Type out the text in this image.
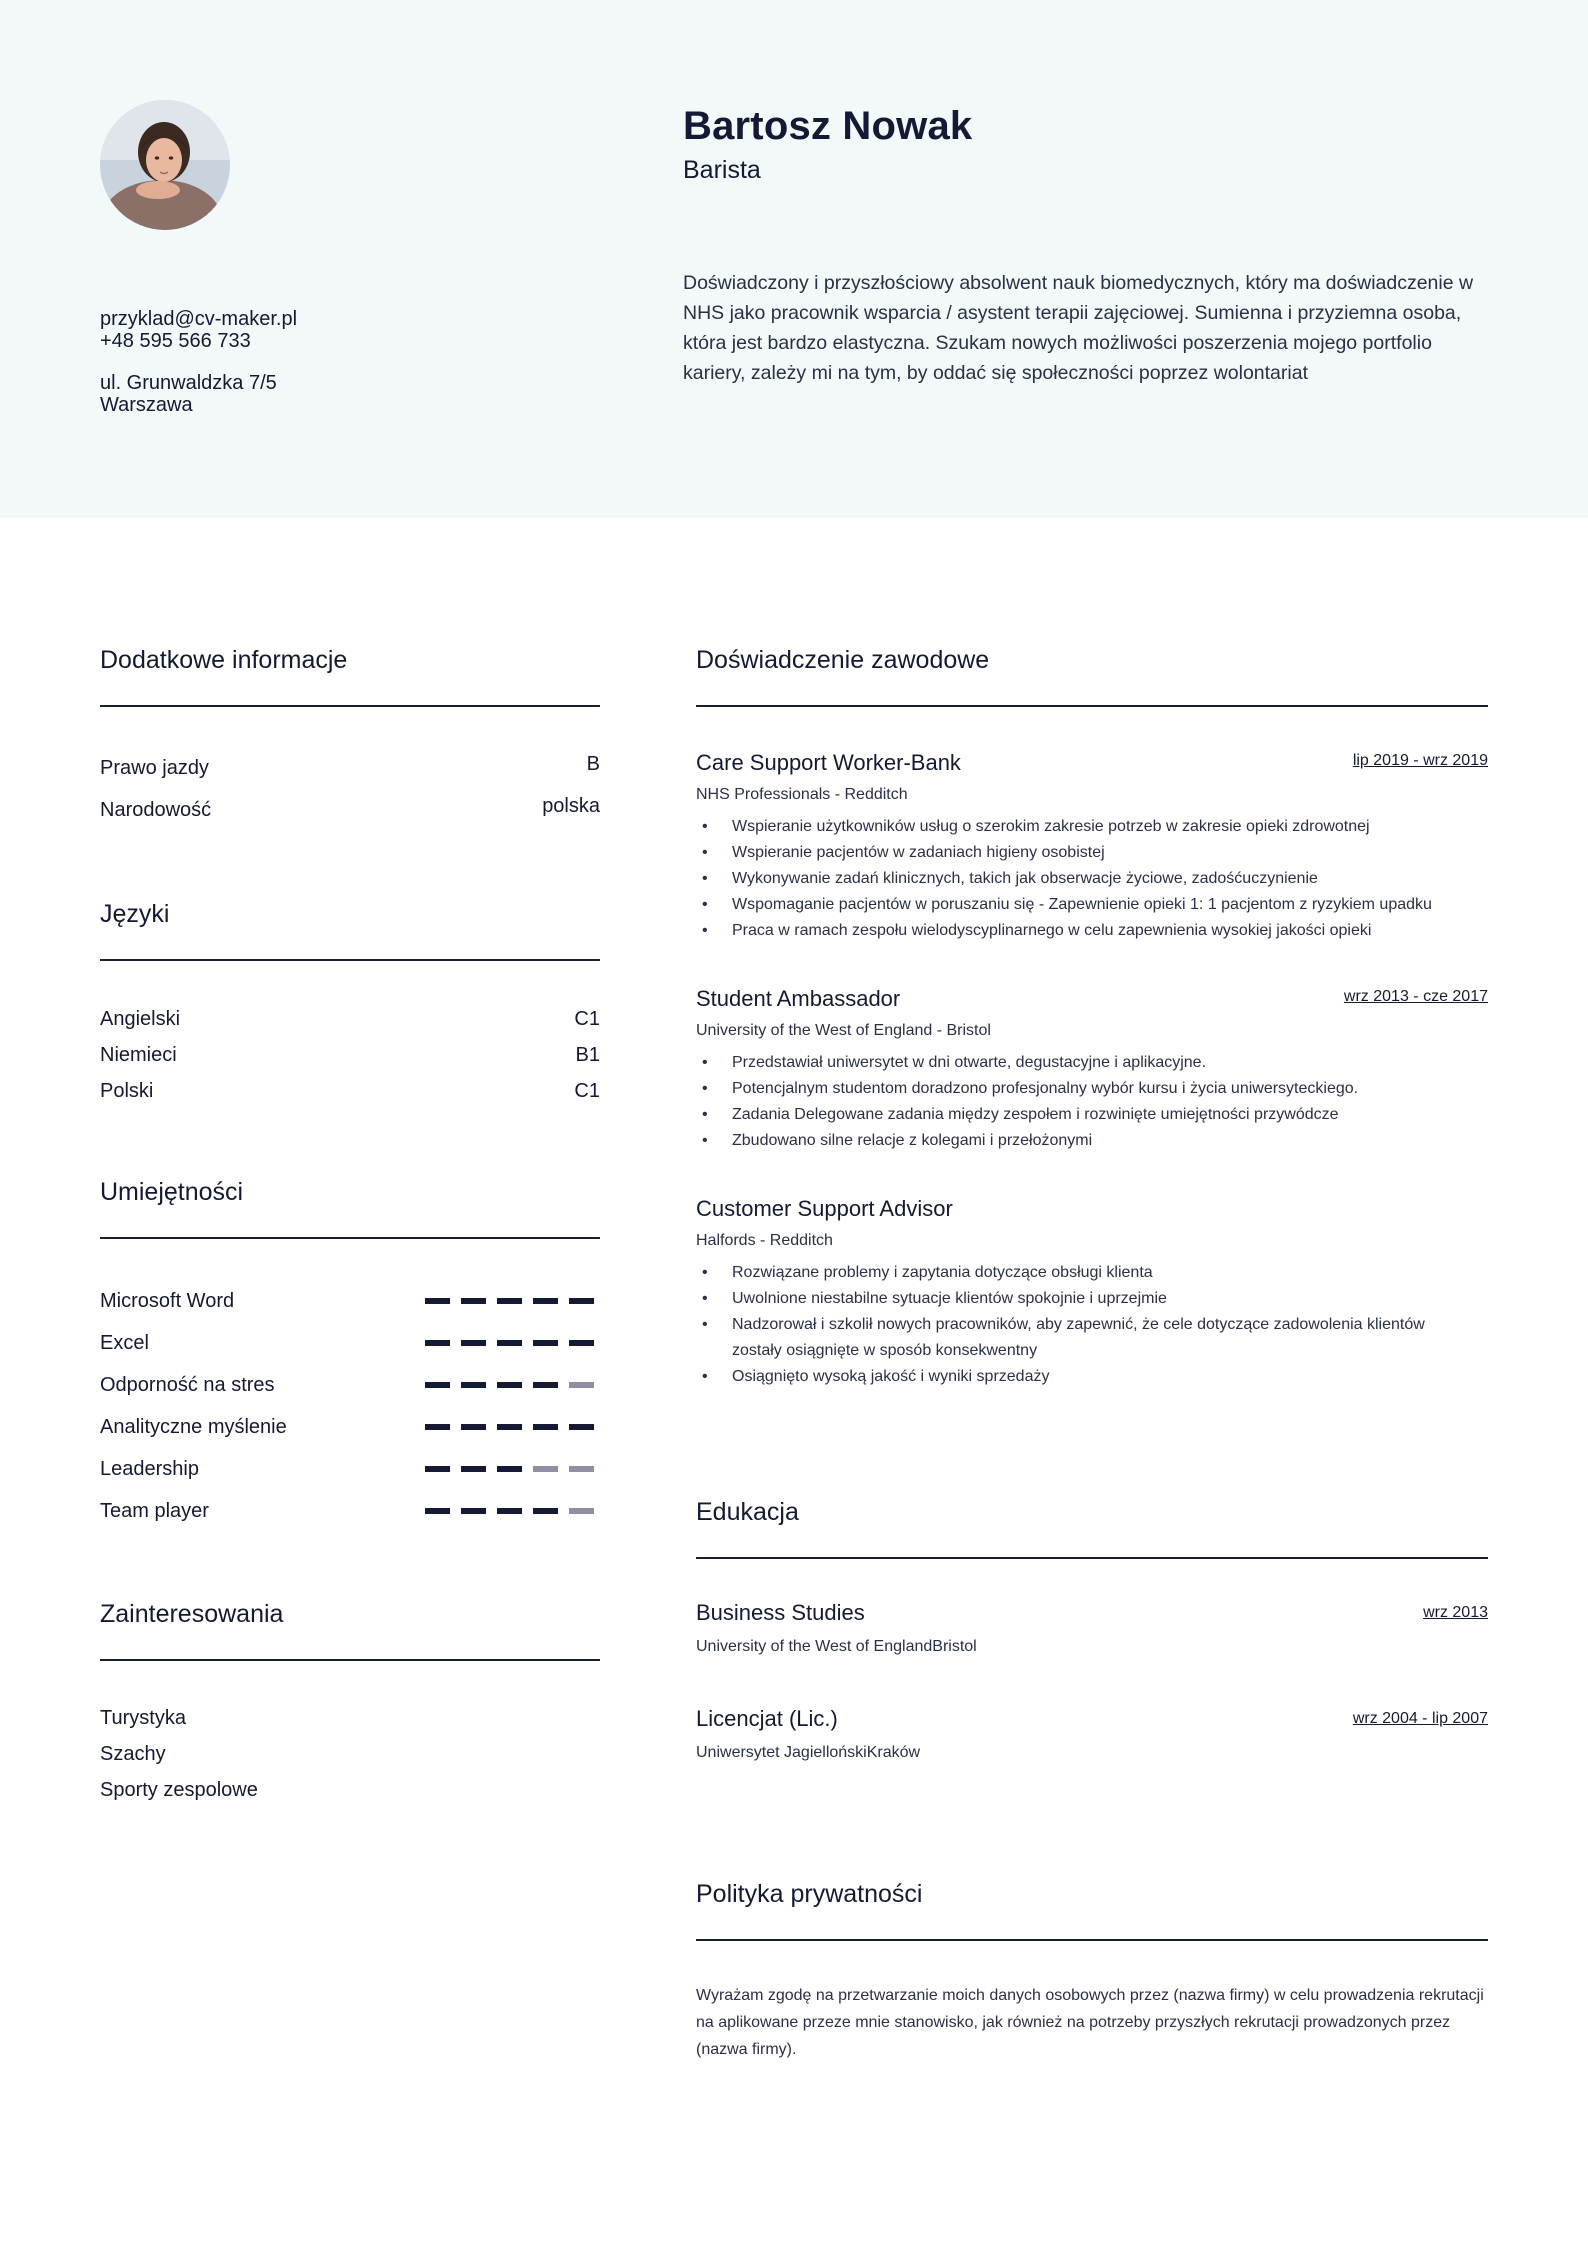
przyklad@cv-maker.pl
+48 595 566 733
ul. Grunwaldzka 7/5
Warszawa
Bartosz Nowak
Barista
Doświadczony i przyszłościowy absolwent nauk biomedycznych, który ma doświadczenie w NHS jako pracownik wsparcia / asystent terapii zajęciowej. Sumienna i przyziemna osoba, która jest bardzo elastyczna. Szukam nowych możliwości poszerzenia mojego portfolio kariery, zależy mi na tym, by oddać się społeczności poprzez wolontariat
Dodatkowe informacje
Prawo jazdy	B
Narodowość	polska
Języki
Angielski	C1
Niemieci	B1
Polski	C1
Umiejętności
Microsoft Word
Excel
Odporność na stres
Analityczne myślenie
Leadership
Team player
Zainteresowania
Turystyka
Szachy
Sporty zespolowe
Doświadczenie zawodowe
Care Support Worker-Bank	lip 2019 - wrz 2019
NHS Professionals - Redditch
• Wspieranie użytkowników usług o szerokim zakresie potrzeb w zakresie opieki zdrowotnej
• Wspieranie pacjentów w zadaniach higieny osobistej
• Wykonywanie zadań klinicznych, takich jak obserwacje życiowe, zadośćuczynienie
• Wspomaganie pacjentów w poruszaniu się - Zapewnienie opieki 1: 1 pacjentom z ryzykiem upadku
• Praca w ramach zespołu wielodyscyplinarnego w celu zapewnienia wysokiej jakości opieki
Student Ambassador	wrz 2013 - cze 2017
University of the West of England - Bristol
• Przedstawiał uniwersytet w dni otwarte, degustacyjne i aplikacyjne.
• Potencjalnym studentom doradzono profesjonalny wybór kursu i życia uniwersyteckiego.
• Zadania Delegowane zadania między zespołem i rozwinięte umiejętności przywódcze
• Zbudowano silne relacje z kolegami i przełożonymi
Customer Support Advisor
Halfords - Redditch
• Rozwiązane problemy i zapytania dotyczące obsługi klienta
• Uwolnione niestabilne sytuacje klientów spokojnie i uprzejmie
• Nadzorował i szkolił nowych pracowników, aby zapewnić, że cele dotyczące zadowolenia klientów zostały osiągnięte w sposób konsekwentny
• Osiągnięto wysoką jakość i wyniki sprzedaży
Edukacja
Business Studies	wrz 2013
University of the West of EnglandBristol
Licencjat (Lic.)	wrz 2004 - lip 2007
Uniwersytet JagiellońskiKraków
Polityka prywatności
Wyrażam zgodę na przetwarzanie moich danych osobowych przez (nazwa firmy) w celu prowadzenia rekrutacji na aplikowane przeze mnie stanowisko, jak również na potrzeby przyszłych rekrutacji prowadzonych przez (nazwa firmy).
